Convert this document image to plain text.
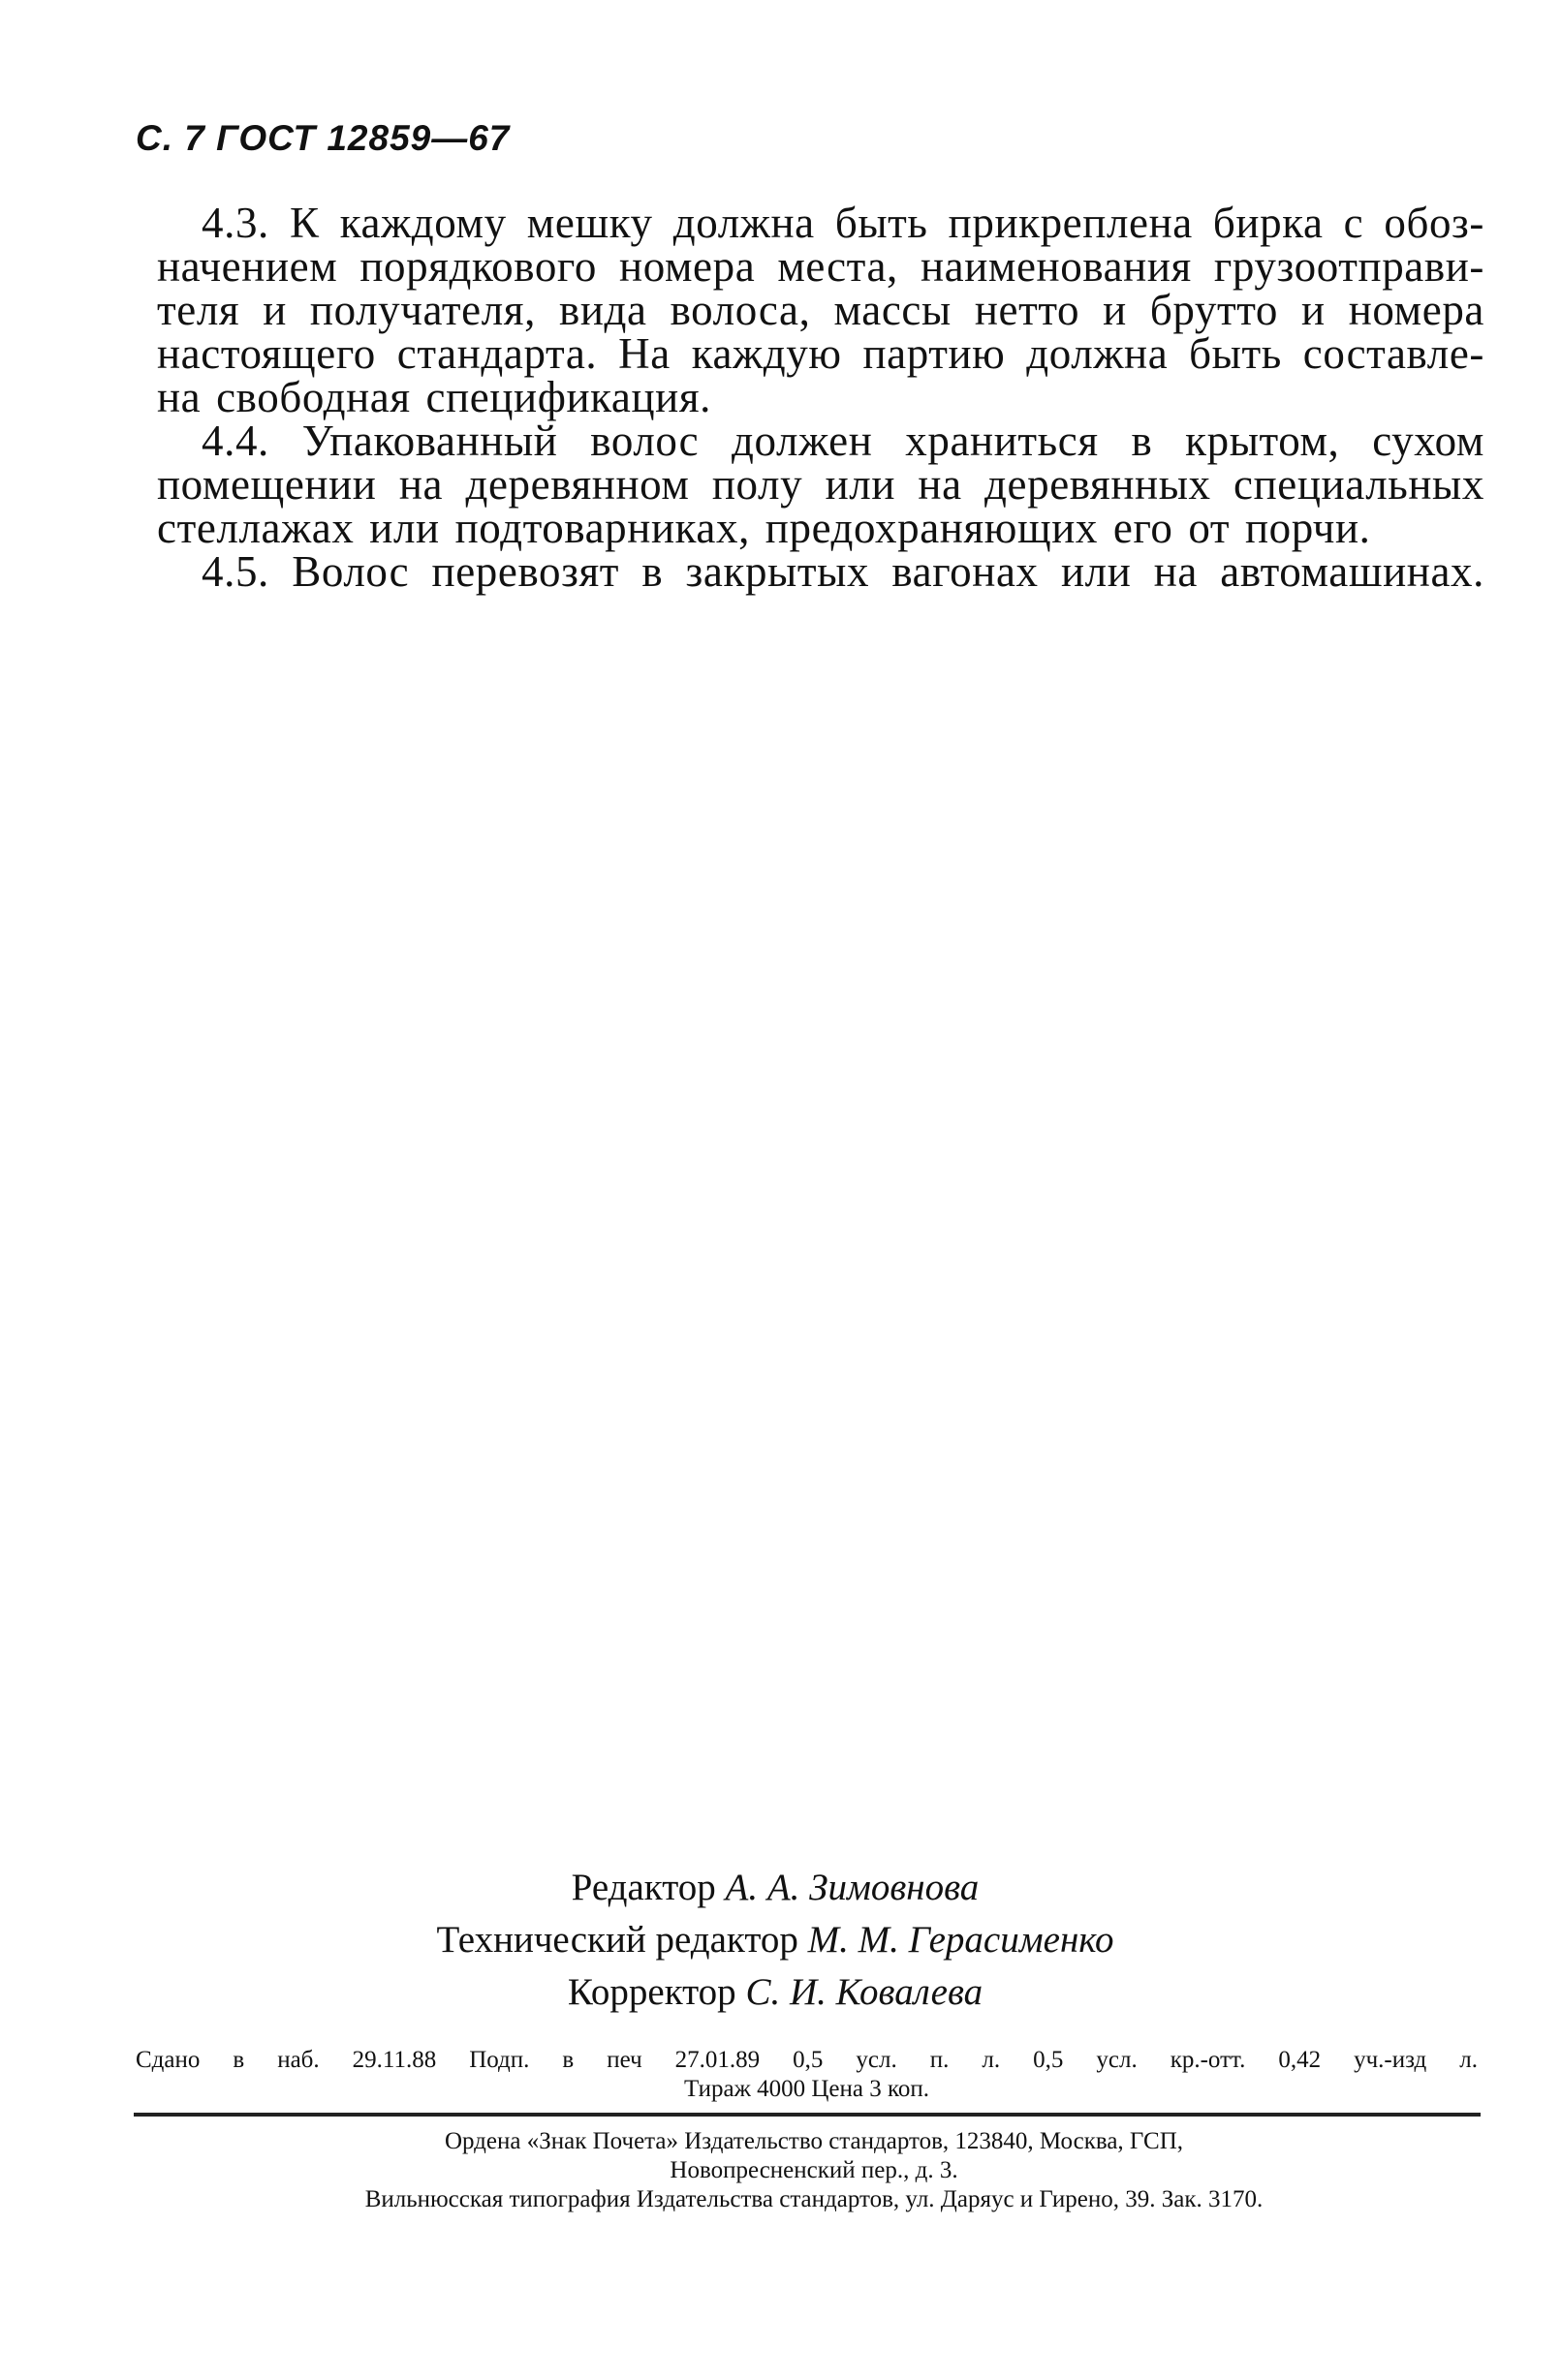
С. 7 ГОСТ 12859—67
4.3. К каждому мешку должна быть прикреплена бирка с обоз-
начением порядкового номера места, наименования грузоотправи-
теля и получателя, вида волоса, массы нетто и брутто и номера
настоящего стандарта. На каждую партию должна быть составле-
на свободная спецификация.
4.4. Упакованный волос должен храниться в крытом, сухом
помещении на деревянном полу или на деревянных специальных
стеллажах или подтоварниках, предохраняющих его от порчи.
4.5. Волос перевозят в закрытых вагонах или на автомашинах.
Редактор А. А. Зимовнова
Технический редактор М. М. Герасименко
Корректор С. И. Ковалева
Сдано в наб. 29.11.88 Подп. в печ 27.01.89 0,5 усл. п. л. 0,5 усл. кр.-отт. 0,42 уч.-изд л.
Тираж 4000 Цена 3 коп.
Ордена «Знак Почета» Издательство стандартов, 123840, Москва, ГСП,
Новопресненский пер., д. 3.
Вильнюсская типография Издательства стандартов, ул. Даряус и Гирено, 39. Зак. 3170.
